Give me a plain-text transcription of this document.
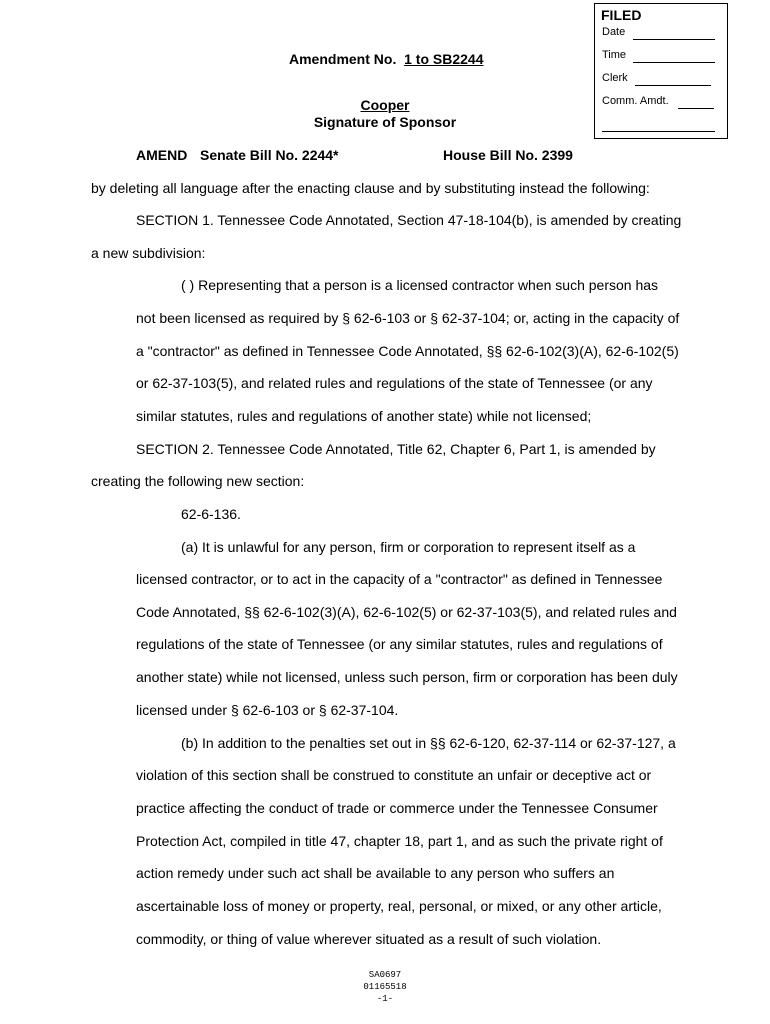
FILED
Date
Time
Clerk
Comm. Amdt.
Amendment No. 1 to SB2244
Cooper
Signature of Sponsor
AMEND Senate Bill No. 2244*	House Bill No. 2399
by deleting all language after the enacting clause and by substituting instead the following:
SECTION 1. Tennessee Code Annotated, Section 47-18-104(b), is amended by creating
a new subdivision:
( ) Representing that a person is a licensed contractor when such person has
not been licensed as required by § 62-6-103 or § 62-37-104; or, acting in the capacity of
a "contractor" as defined in Tennessee Code Annotated, §§ 62-6-102(3)(A), 62-6-102(5)
or 62-37-103(5), and related rules and regulations of the state of Tennessee (or any
similar statutes, rules and regulations of another state) while not licensed;
SECTION 2. Tennessee Code Annotated, Title 62, Chapter 6, Part 1, is amended by
creating the following new section:
62-6-136.
(a) It is unlawful for any person, firm or corporation to represent itself as a
licensed contractor, or to act in the capacity of a "contractor" as defined in Tennessee
Code Annotated, §§ 62-6-102(3)(A), 62-6-102(5) or 62-37-103(5), and related rules and
regulations of the state of Tennessee (or any similar statutes, rules and regulations of
another state) while not licensed, unless such person, firm or corporation has been duly
licensed under § 62-6-103 or § 62-37-104.
(b) In addition to the penalties set out in §§ 62-6-120, 62-37-114 or 62-37-127, a
violation of this section shall be construed to constitute an unfair or deceptive act or
practice affecting the conduct of trade or commerce under the Tennessee Consumer
Protection Act, compiled in title 47, chapter 18, part 1, and as such the private right of
action remedy under such act shall be available to any person who suffers an
ascertainable loss of money or property, real, personal, or mixed, or any other article,
commodity, or thing of value wherever situated as a result of such violation.
SA0697
01165518
-1-
